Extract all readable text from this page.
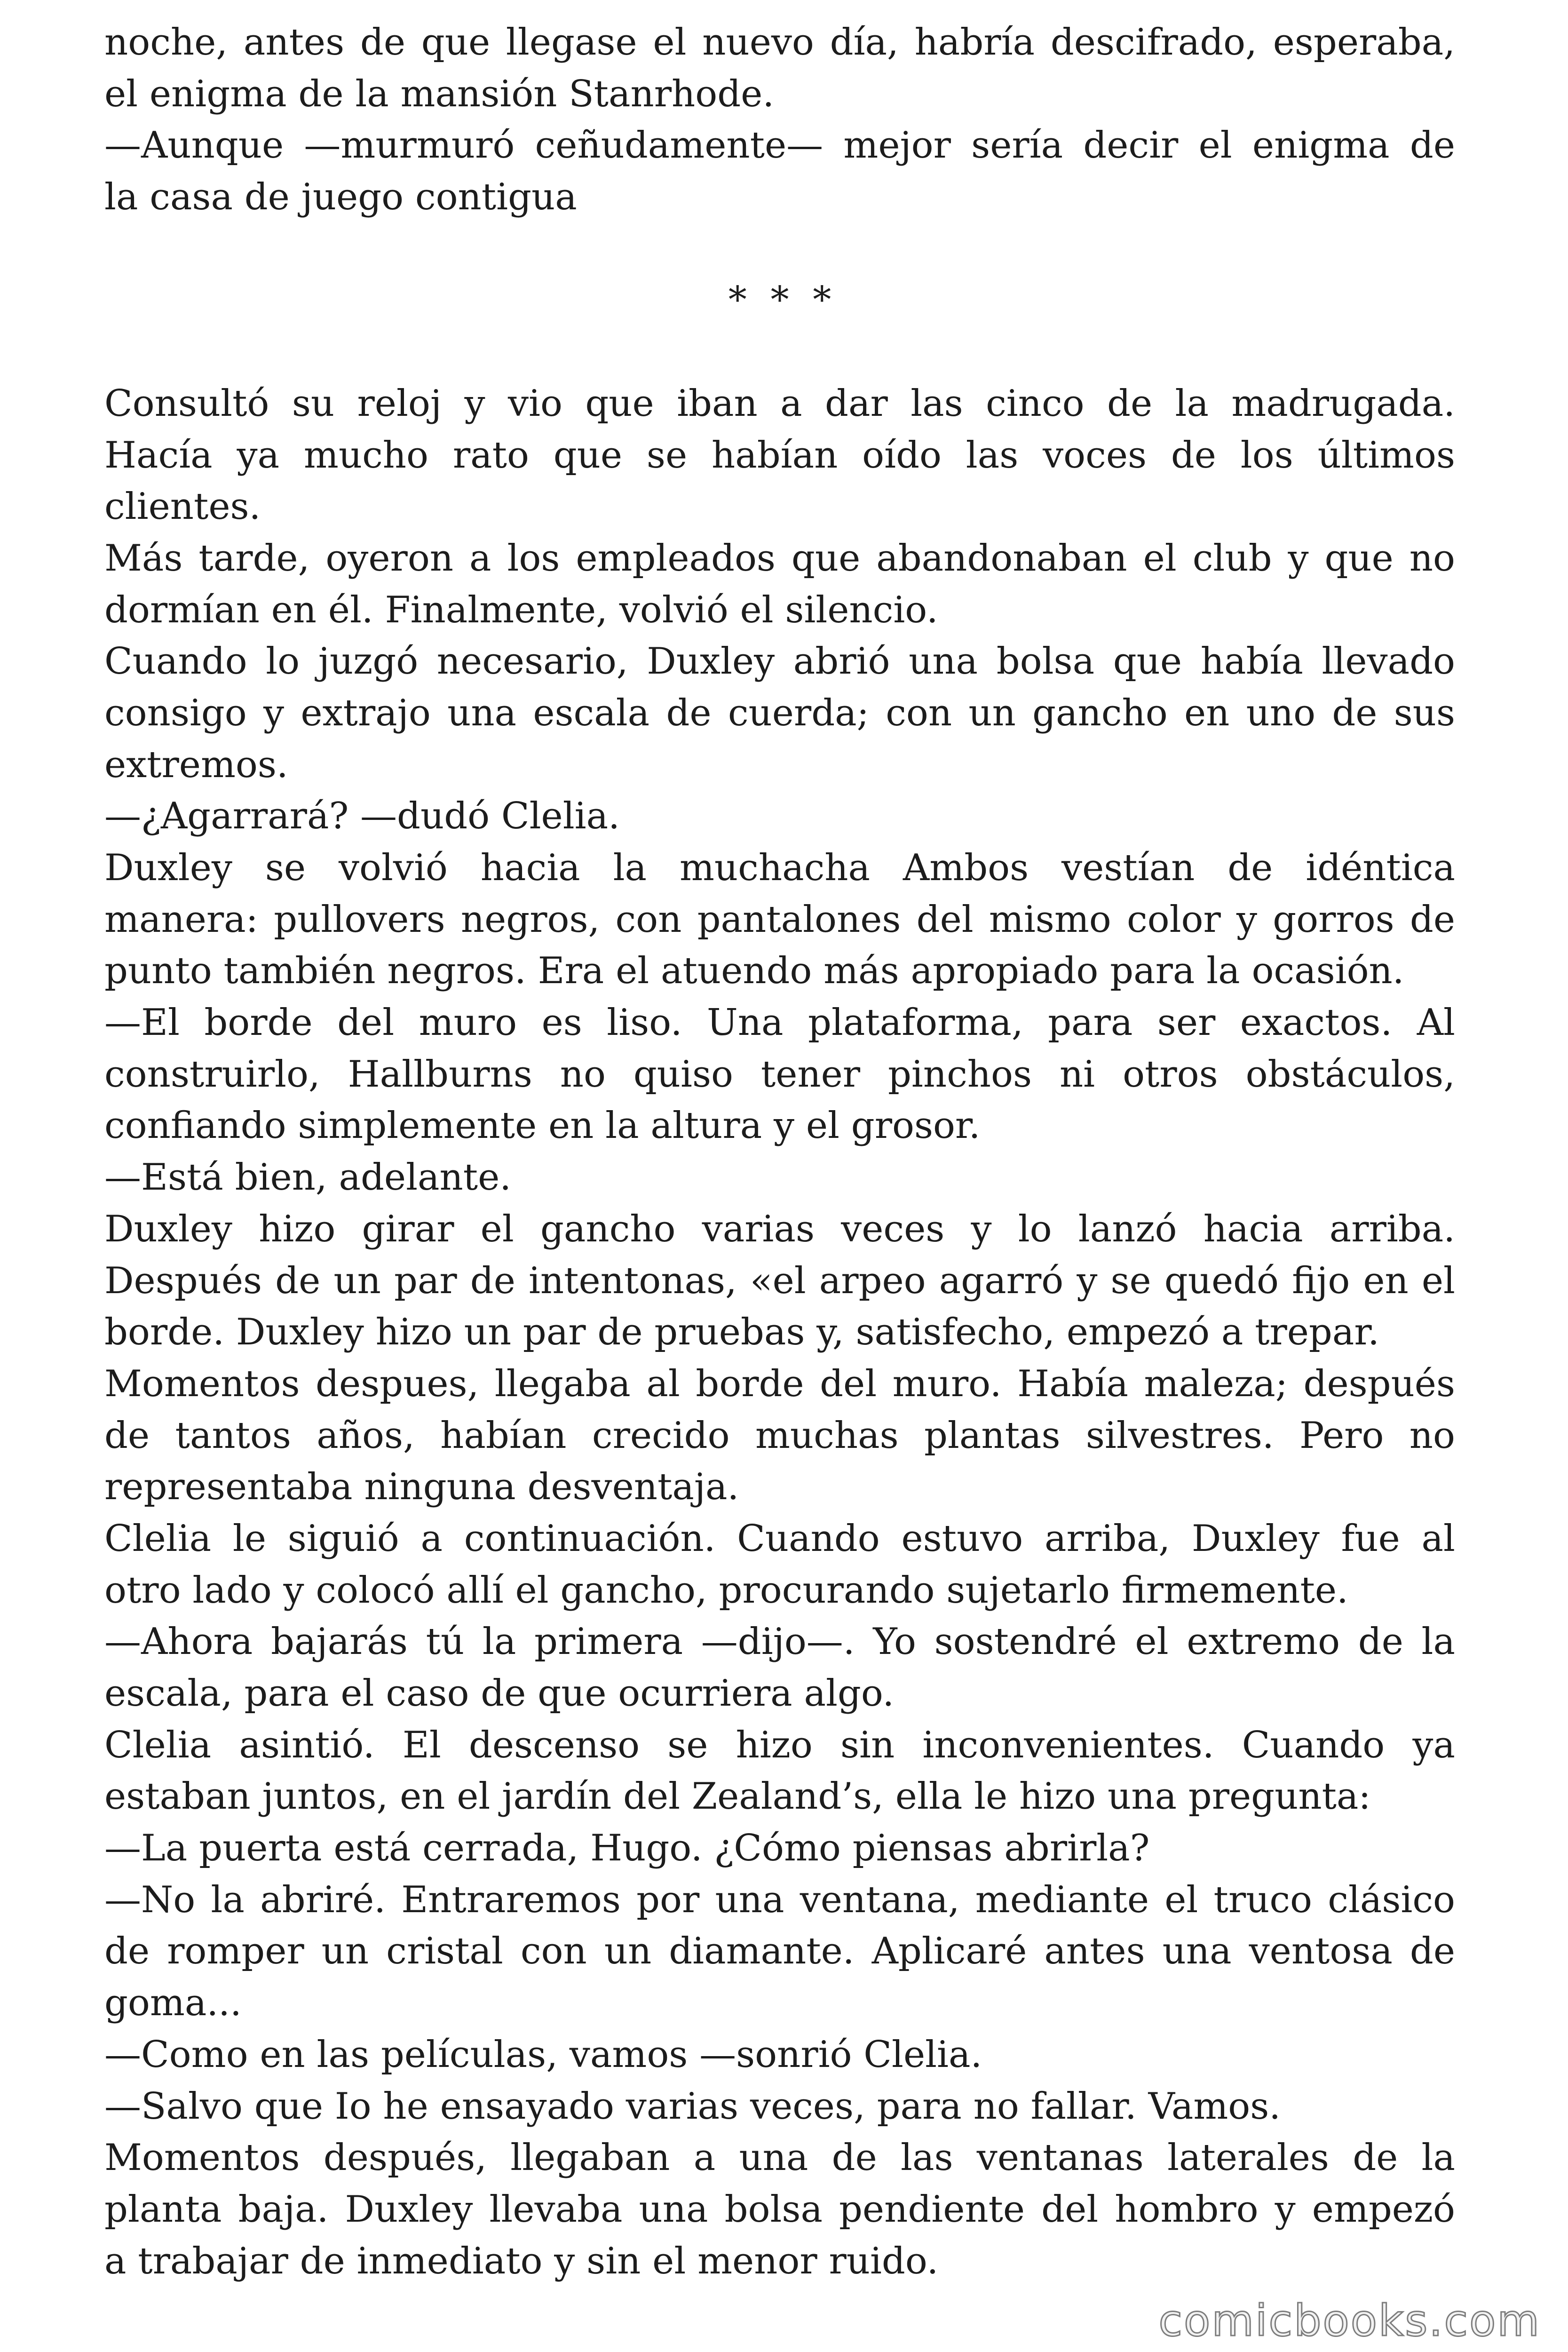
noche, antes de que llegase el nuevo día, habría descifrado, esperaba,
el enigma de la mansión Stanrhode.
—Aunque —murmuró ceñudamente— mejor sería decir el enigma de
la casa de juego contigua
* * *
Consultó su reloj y vio que iban a dar las cinco de la madrugada.
Hacía ya mucho rato que se habían oído las voces de los últimos
clientes.
Más tarde, oyeron a los empleados que abandonaban el club y que no
dormían en él. Finalmente, volvió el silencio.
Cuando lo juzgó necesario, Duxley abrió una bolsa que había llevado
consigo y extrajo una escala de cuerda; con un gancho en uno de sus
extremos.
—¿Agarrará? —dudó Clelia.
Duxley se volvió hacia la muchacha Ambos vestían de idéntica
manera: pullovers negros, con pantalones del mismo color y gorros de
punto también negros. Era el atuendo más apropiado para la ocasión.
—El borde del muro es liso. Una plataforma, para ser exactos. Al
construirlo, Hallburns no quiso tener pinchos ni otros obstáculos,
confiando simplemente en la altura y el grosor.
—Está bien, adelante.
Duxley hizo girar el gancho varias veces y lo lanzó hacia arriba.
Después de un par de intentonas, «el arpeo agarró y se quedó fijo en el
borde. Duxley hizo un par de pruebas y, satisfecho, empezó a trepar.
Momentos despues, llegaba al borde del muro. Había maleza; después
de tantos años, habían crecido muchas plantas silvestres. Pero no
representaba ninguna desventaja.
Clelia le siguió a continuación. Cuando estuvo arriba, Duxley fue al
otro lado y colocó allí el gancho, procurando sujetarlo firmemente.
—Ahora bajarás tú la primera —dijo—. Yo sostendré el extremo de la
escala, para el caso de que ocurriera algo.
Clelia asintió. El descenso se hizo sin inconvenientes. Cuando ya
estaban juntos, en el jardín del Zealand’s, ella le hizo una pregunta:
—La puerta está cerrada, Hugo. ¿Cómo piensas abrirla?
—No la abriré. Entraremos por una ventana, mediante el truco clásico
de romper un cristal con un diamante. Aplicaré antes una ventosa de
goma...
—Como en las películas, vamos —sonrió Clelia.
—Salvo que Io he ensayado varias veces, para no fallar. Vamos.
Momentos después, llegaban a una de las ventanas laterales de la
planta baja. Duxley llevaba una bolsa pendiente del hombro y empezó
a trabajar de inmediato y sin el menor ruido.
comicbooks.com
